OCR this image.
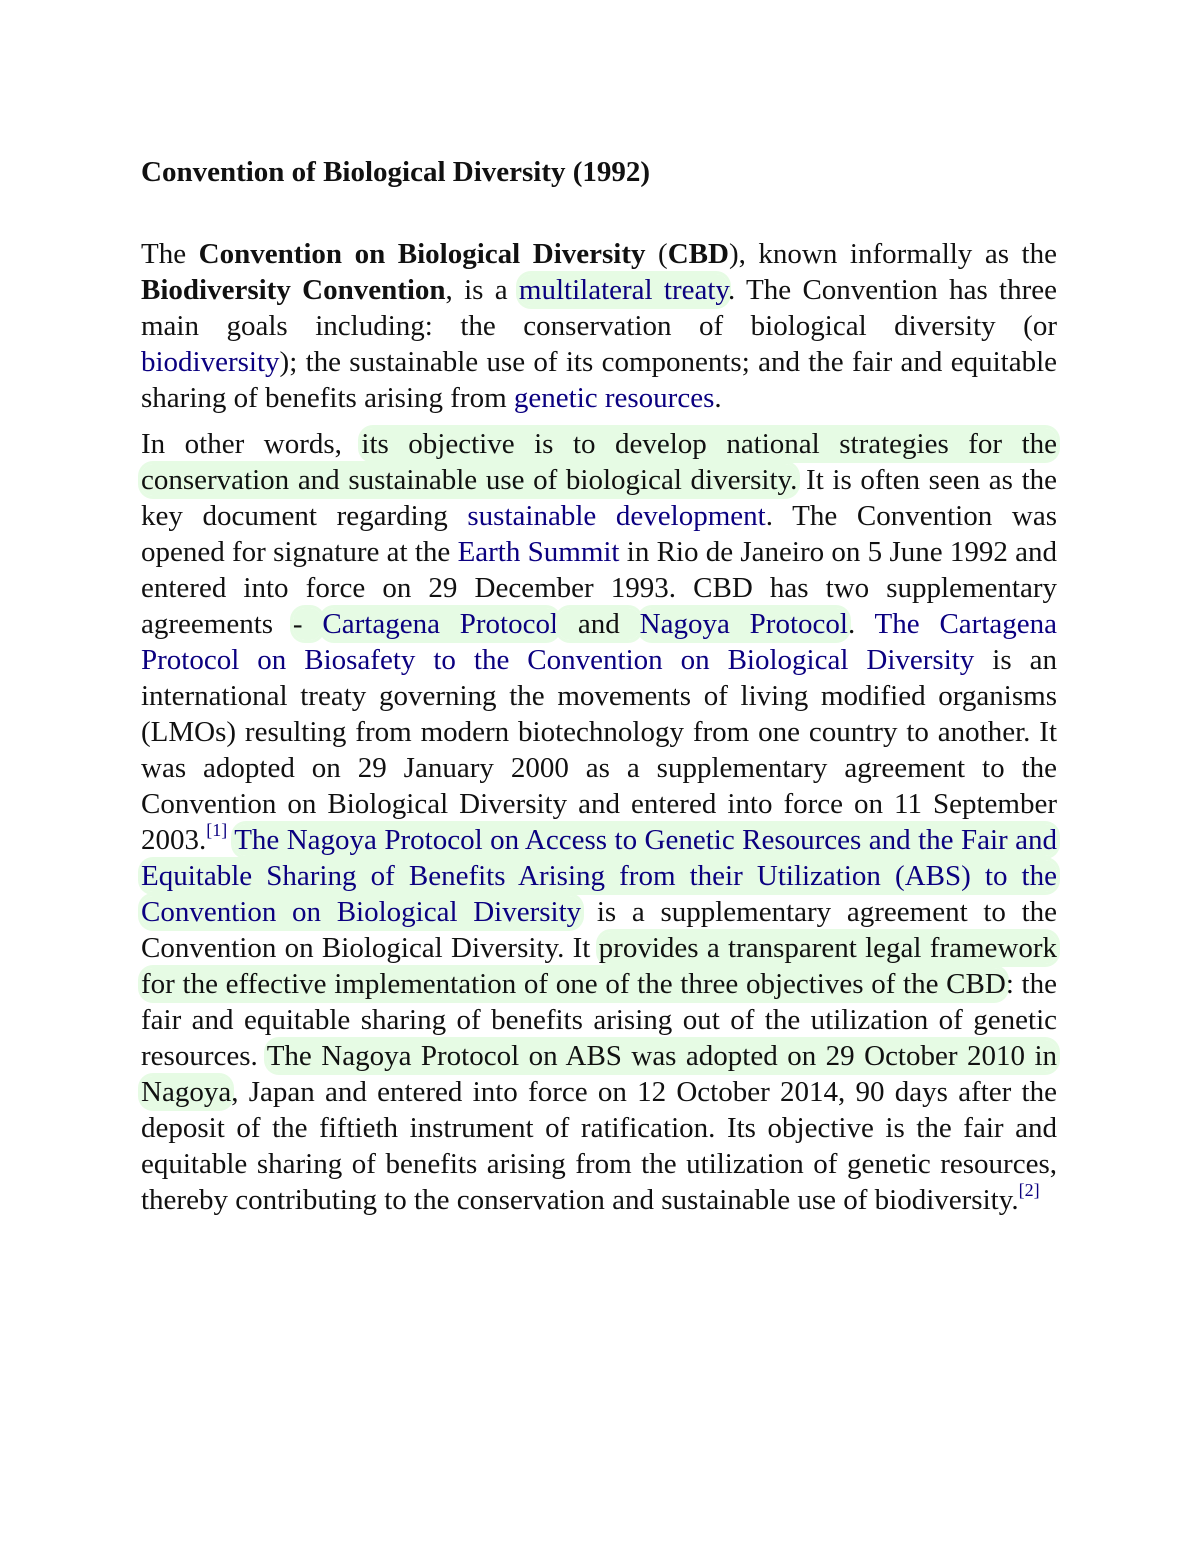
Convention of Biological Diversity (1992)

The Convention on Biological Diversity (CBD), known informally as the Biodiversity Convention, is a multilateral treaty. The Convention has three main goals including: the conservation of biological diversity (or biodiversity); the sustainable use of its components; and the fair and equitable sharing of benefits arising from genetic resources.

In other words, its objective is to develop national strategies for the conservation and sustainable use of biological diversity. It is often seen as the key document regarding sustainable development. The Convention was opened for signature at the Earth Summit in Rio de Janeiro on 5 June 1992 and entered into force on 29 December 1993. CBD has two supplementary agreements - Cartagena Protocol and Nagoya Protocol. The Cartagena Protocol on Biosafety to the Convention on Biological Diversity is an international treaty governing the movements of living modified organisms (LMOs) resulting from modern biotechnology from one country to another. It was adopted on 29 January 2000 as a supplementary agreement to the Convention on Biological Diversity and entered into force on 11 September 2003.[1] The Nagoya Protocol on Access to Genetic Resources and the Fair and Equitable Sharing of Benefits Arising from their Utilization (ABS) to the Convention on Biological Diversity is a supplementary agreement to the Convention on Biological Diversity. It provides a transparent legal framework for the effective implementation of one of the three objectives of the CBD: the fair and equitable sharing of benefits arising out of the utilization of genetic resources. The Nagoya Protocol on ABS was adopted on 29 October 2010 in Nagoya, Japan and entered into force on 12 October 2014, 90 days after the deposit of the fiftieth instrument of ratification. Its objective is the fair and equitable sharing of benefits arising from the utilization of genetic resources, thereby contributing to the conservation and sustainable use of biodiversity.[2]
